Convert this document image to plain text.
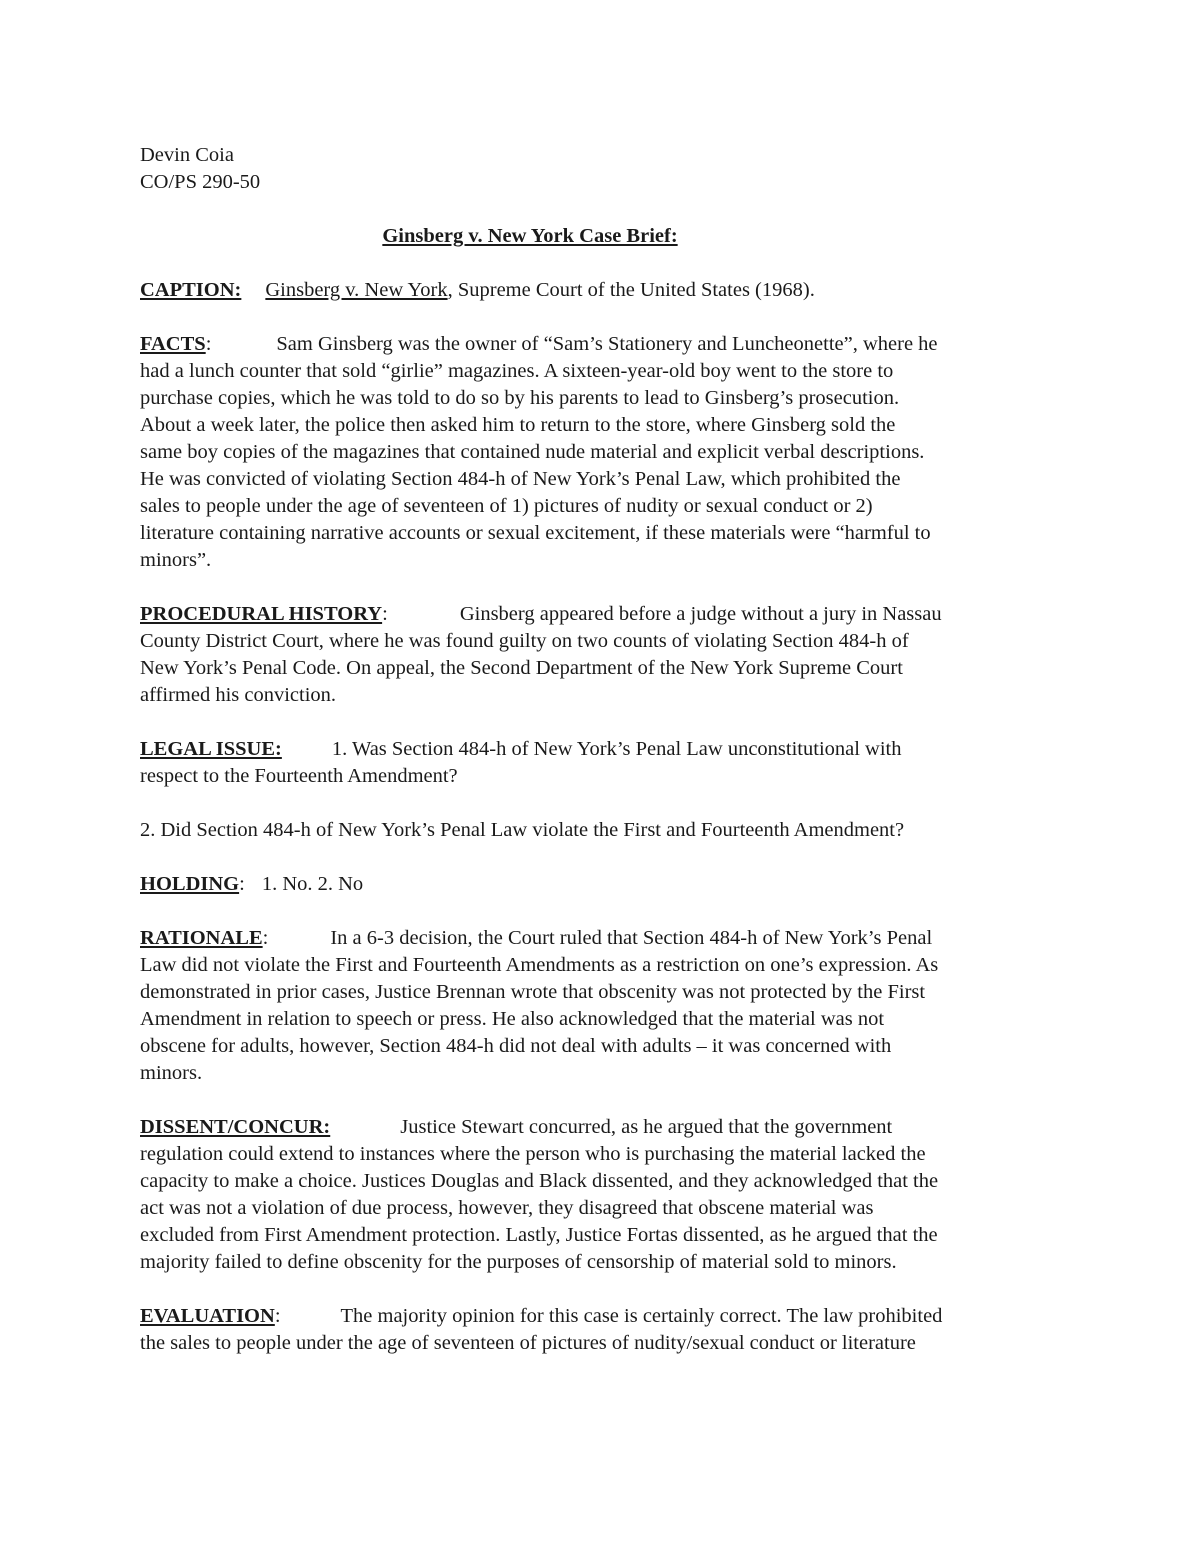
Devin Coia

CO/PS 290-50

Ginsberg v. New York Case Brief:

CAPTION: Ginsberg v. New York, Supreme Court of the United States (1968).

FACTS:	Sam Ginsberg was the owner of “Sam’s Stationery and Luncheonette”, where he

had a lunch counter that sold “girlie” magazines. A sixteen-year-old boy went to the store to

purchase copies, which he was told to do so by his parents to lead to Ginsberg’s prosecution.

About a week later, the police then asked him to return to the store, where Ginsberg sold the

same boy copies of the magazines that contained nude material and explicit verbal descriptions.

He was convicted of violating Section 484-h of New York’s Penal Law, which prohibited the

sales to people under the age of seventeen of 1) pictures of nudity or sexual conduct or 2)

literature containing narrative accounts or sexual excitement, if these materials were “harmful to

minors”.

PROCEDURAL HISTORY:	Ginsberg appeared before a judge without a jury in Nassau

County District Court, where he was found guilty on two counts of violating Section 484-h of

New York’s Penal Code. On appeal, the Second Department of the New York Supreme Court

affirmed his conviction.

LEGAL ISSUE: 1. Was Section 484-h of New York’s Penal Law unconstitutional with

respect to the Fourteenth Amendment?

2. Did Section 484-h of New York’s Penal Law violate the First and Fourteenth Amendment?

HOLDING: 1. No. 2. No

RATIONALE:	In a 6-3 decision, the Court ruled that Section 484-h of New York’s Penal

Law did not violate the First and Fourteenth Amendments as a restriction on one’s expression. As

demonstrated in prior cases, Justice Brennan wrote that obscenity was not protected by the First

Amendment in relation to speech or press. He also acknowledged that the material was not

obscene for adults, however, Section 484-h did not deal with adults – it was concerned with

minors.

DISSENT/CONCUR:	Justice Stewart concurred, as he argued that the government

regulation could extend to instances where the person who is purchasing the material lacked the

capacity to make a choice. Justices Douglas and Black dissented, and they acknowledged that the

act was not a violation of due process, however, they disagreed that obscene material was

excluded from First Amendment protection. Lastly, Justice Fortas dissented, as he argued that the

majority failed to define obscenity for the purposes of censorship of material sold to minors.

EVALUATION:	The majority opinion for this case is certainly correct. The law prohibited

the sales to people under the age of seventeen of pictures of nudity/sexual conduct or literature
